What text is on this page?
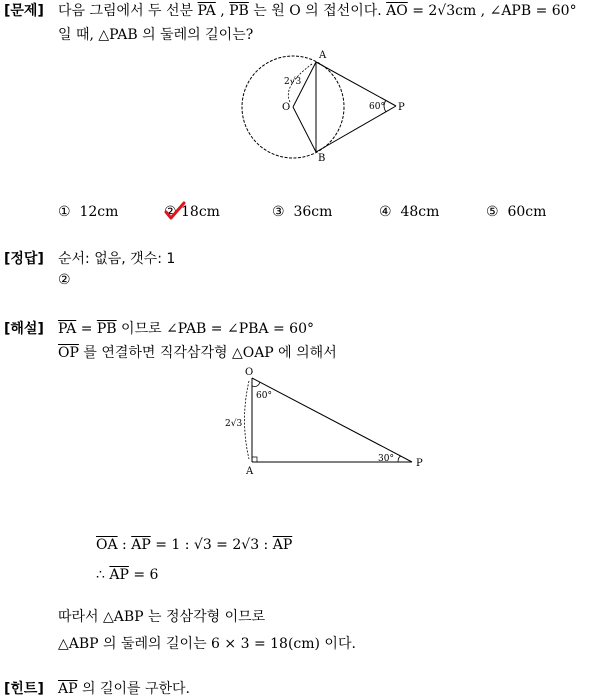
[문제] 다음 그림에서 두 선분 $\overline{PA}$ , $\overline{PB}$ 는 원 O 의 접선이다. $\overline{AO} = 2√3cm$ , ∠APB = 60°
일 때, △PAB 의 둘레의 길이는?
A
B
O	P
2√3
60°
① 12cm	② 18cm	③ 36cm	④ 48cm	⑤ 60cm
[정답] 순서: 없음, 갯수: 1
②
[해설] $\overline{PA} = \overline{PB}$ 이므로 ∠PAB = ∠PBA = 60°
$\overline{OP}$ 를 연결하면 직각삼각형 △OAP 에 의해서
O
A
P
2√3
60°
30°
$\overline{OA}$ : $\overline{AP} = 1$ : √3 = 2√3 : $\overline{AP}$
∴ $\overline{AP} = 6$
따라서 △ABP 는 정삼각형 이므로
△ABP 의 둘레의 길이는 6 × 3 = 18(cm) 이다.
[힌트] $\overline{AP}$ 의 길이를 구한다.
